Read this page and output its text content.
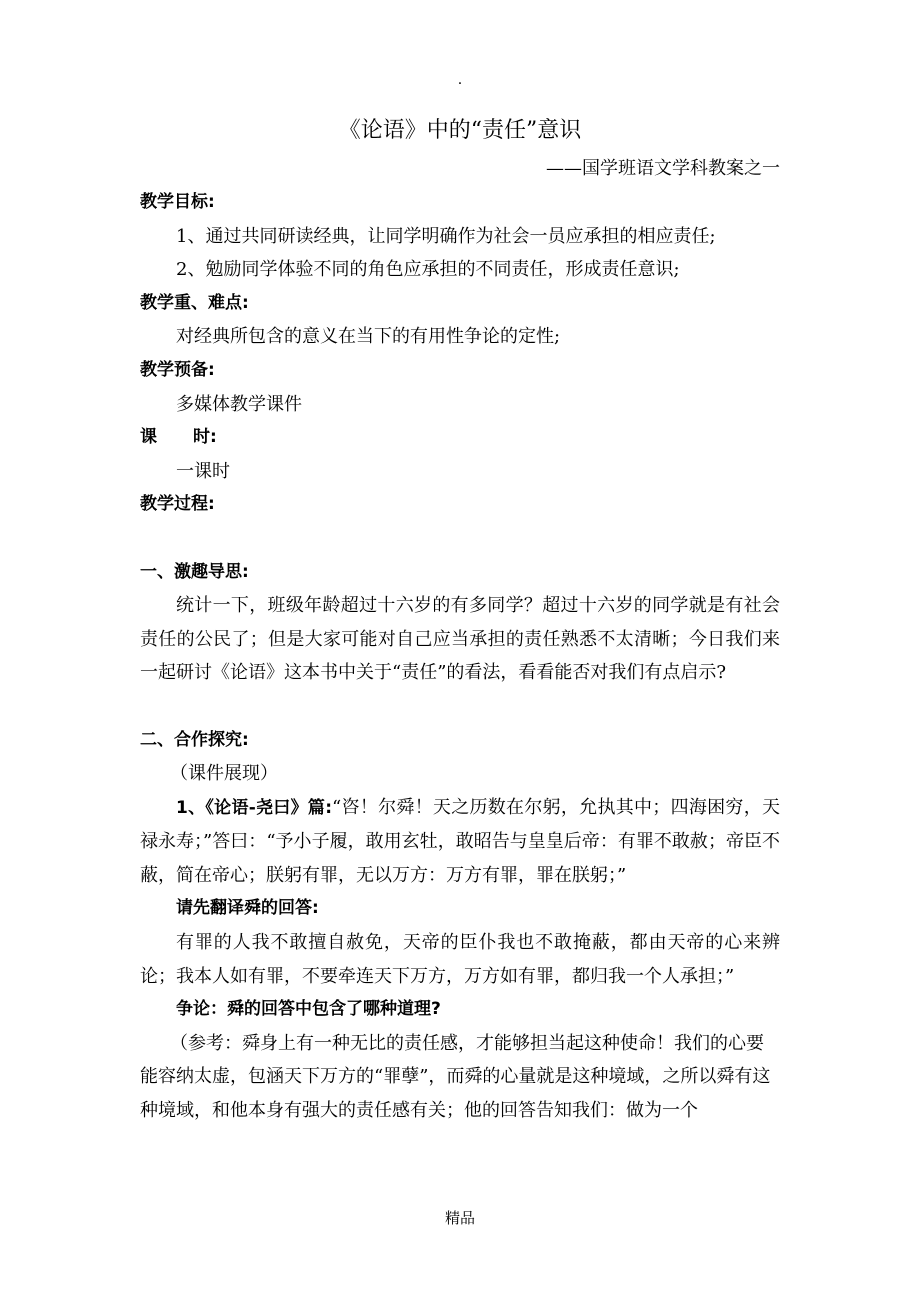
.
《论语》中的“责任”意识
——国学班语文学科教案之一

教学目标:

1、通过共同研读经典，让同学明确作为社会一员应承担的相应责任;

2、勉励同学体验不同的角色应承担的不同责任，形成责任意识;

教学重、难点:

对经典所包含的意义在当下的有用性争论的定性;

教学预备:

多媒体教学课件

课 时:

一课时

教学过程:

一、激趣导思:

统计一下，班级年龄超过十六岁的有多同学？超过十六岁的同学就是有社会责任的公民了；但是大家可能对自己应当承担的责任熟悉不太清晰；今日我们来一起研讨《论语》这本书中关于“责任”的看法，看看能否对我们有点启示?

二、合作探究:

（课件展现）

1、《论语-尧曰》篇:“咨！尔舜！天之历数在尔躬，允执其中；四海困穷，天禄永寿；”答曰：“予小子履，敢用玄牡，敢昭告与皇皇后帝：有罪不敢赦；帝臣不蔽，简在帝心；朕躬有罪，无以万方：万方有罪，罪在朕躬；”

请先翻译舜的回答:

有罪的人我不敢擅自赦免，天帝的臣仆我也不敢掩蔽，都由天帝的心来辨论；我本人如有罪，不要牵连天下万方，万方如有罪，都归我一个人承担；”

争论：舜的回答中包含了哪种道理?

（参考：舜身上有一种无比的责任感，才能够担当起这种使命！我们的心要能容纳太虚，包涵天下万方的“罪孽”，而舜的心量就是这种境域，之所以舜有这种境域，和他本身有强大的责任感有关；他的回答告知我们：做为一个

精品
